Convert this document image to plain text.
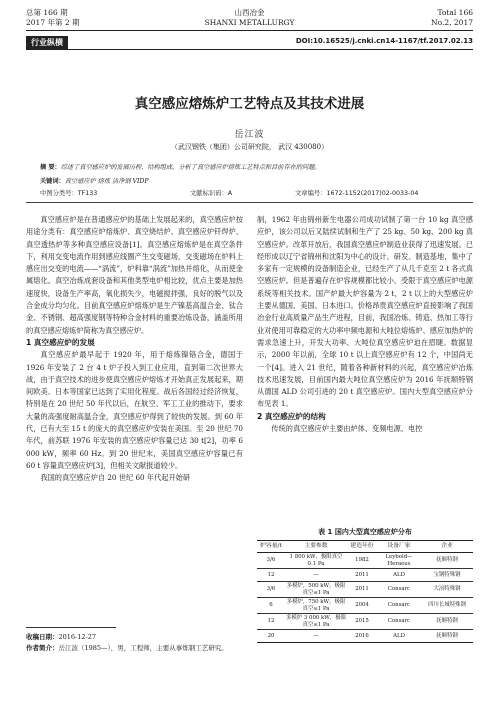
总第 166 期
2017 年第 2 期
山西冶金
SHANXI METALLURGY
Total 166
No.2, 2017
行业纵横	DOI:10.16525/j.cnki.cn14-1167/tf.2017.02.13
真空感应熔炼炉工艺特点及其技术进展
岳江波
（武汉钢铁（集团）公司研究院， 武汉 430080）
摘 要：综述了真空感应炉的发展历程、结构组成，分析了真空感应炉熔炼工艺特点和目前存在的问题。
关键词：真空感应炉 熔炼 洁净钢 VIDP
中图分类号：TF133	文献标识码：A	文章编号：1672-1152(2017)02-0033-04

真空感应炉是在普通感应炉的基础上发展起来的，真空感应炉按用途分类有：真空感应炉熔炼炉、真空烧结炉、真空感应炉钎焊炉、真空透热炉等多种真空感应设备[1]。真空感应熔炼炉是在真空条件下，利用交变电流作用到感应线圈产生交变磁场，交变磁场在炉料上感应出交变的电流——“涡流”，炉料靠“涡流”加热并熔化，从而使金属熔化。真空冶炼成套设备和其他类型电炉相比较，优点主要是加热速度快，设备生产率高，氧化损失少，电磁搅拌强，良好的脱气以及合金成分均匀化。目前真空感应炉熔炼炉是生产镍基高温合金、钛合金、不锈钢、超高强度钢等特种合金材料的重要冶炼设备，涵盖所用的真空感应熔炼炉简称为真空感应炉。

1 真空感应炉的发展

真空感应炉最早起于 1920 年，用于熔炼镍铬合金，德国于 1926 年安装了 2 台 4 t 炉子投入到工业应用，直到第二次世界大战，由于真空技术的进步使真空感应炉熔炼才开始真正发展起来，期间欧美、日本等国家已达到了实用化程度。战后各国经过经济恢复，特别是在 20 世纪 50 年代以后，在航空、军工工业的推动下，要求大量的高强度耐高温合金，真空感应炉得到了较快的发展。到 60 年代，已有大至 15 t 的庞大的真空感应炉安装在美国。至 20 世纪 70 年代，前苏联 1976 年安装的真空感应炉容量已达 30 t[2]，功率 6 000 kW，频率 60 Hz。到 20 世纪末，美国真空感应炉容量已有 60 t 容量真空感应炉[3]，但相关文献报道较少。

我国的真空感应炉自 20 世纪 60 年代起开始研

制，1962 年由锦州新生电器公司成功试制了第一台 10 kg 真空感应炉，该公司以后又陆续试制和生产了 25 kg、50 kg、200 kg 真空感应炉。改革开放后，我国真空感应炉制造业获得了迅速发展。已经形成以辽宁省锦州和沈阳为中心的设计、研发、制造基地，集中了多家有一定规模的设备制造企业，已经生产了从几千克至 2 t 各式真空感应炉。但是普遍存在炉容规模都比较小、受限于真空感应炉电源系统等相关技术。国产炉最大炉容量为 2 t，2 t 以上的大型感应炉主要从德国、美国、日本进口。价格昂贵真空感应炉直接影响了我国冶金行业高质量产品生产进程，目前，我国冶炼、铸造、热加工等行业对使用可靠稳定的大功率中频电源和大吨位熔炼炉、感应加热炉的需求急速上升，开发大功率、大吨位真空感应炉迫在眉睫。数据显示，2000 年以前，全球 10 t 以上真空感应炉有 12 个，中国尚无一个[4]。进入 21 世纪，随着各种新材料的兴起，真空感应炉冶炼技术迅速发展，目前国内最大吨位真空感应炉为 2016 年抚顺特钢从德国 ALD 公司引进的 20 t 真空感应炉。国内大型真空感应炉分布见表 1。

2 真空感应炉的结构

传统的真空感应炉主要由炉体、变频电源、电控

表 1 国内大型真空感应炉分布
炉容量/t	主要参数	建造年份	设备厂家	企业
3/6	1 800 kW，极限真空 0.1 Pa	1982	Leybold—Heraeus	抚顺特钢
12	—	2011	ALD	宝钢特殊钢
3/6	多模炉，500 kW，极限真空≤1 Pa	2011	Consarc	大冶特殊钢
6	多模炉，750 kW，极限真空≤1 Pa	2004	Consarc	四川长城特殊钢
12	多模炉 3 000 kW，极限真空≤1 Pa	2015	Consarc	抚顺特钢
20	—	2016	ALD	抚顺特钢
收稿日期：2016-12-27
作者简介：岳江波（1985—），男，工程师，主要从事炼钢工艺研究。
